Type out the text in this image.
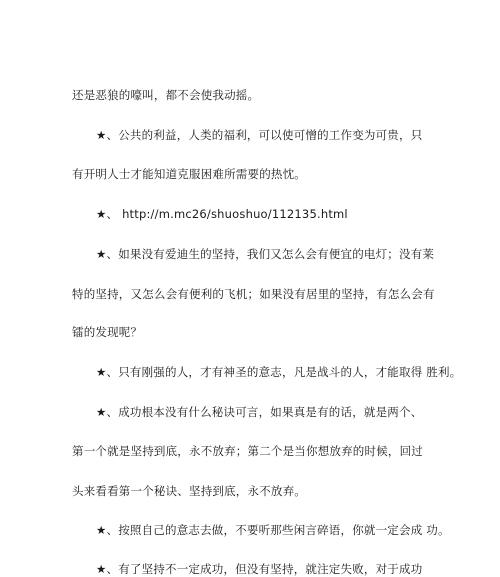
还是恶狼的嚎叫，都不会使我动摇。
★、公共的利益，人类的福利，可以使可憎的工作变为可贵，只
有开明人士才能知道克服困难所需要的热忱。
★、 http://m.mc26/shuoshuo/112135.html
★、如果没有爱迪生的坚持，我们又怎么会有便宜的电灯；没有莱
特的坚持，又怎么会有便利的飞机；如果没有居里的坚持，有怎么会有
镭的发现呢？
★、只有刚强的人，才有神圣的意志，凡是战斗的人，才能取得 胜利。
★、成功根本没有什么秘诀可言，如果真是有的话，就是两个、
第一个就是坚持到底，永不放弃；第二个是当你想放弃的时候，回过
头来看看第一个秘诀、坚持到底，永不放弃。
★、按照自己的意志去做，不要听那些闲言碎语，你就一定会成 功。
★、有了坚持不一定成功，但没有坚持，就注定失败，对于成功
